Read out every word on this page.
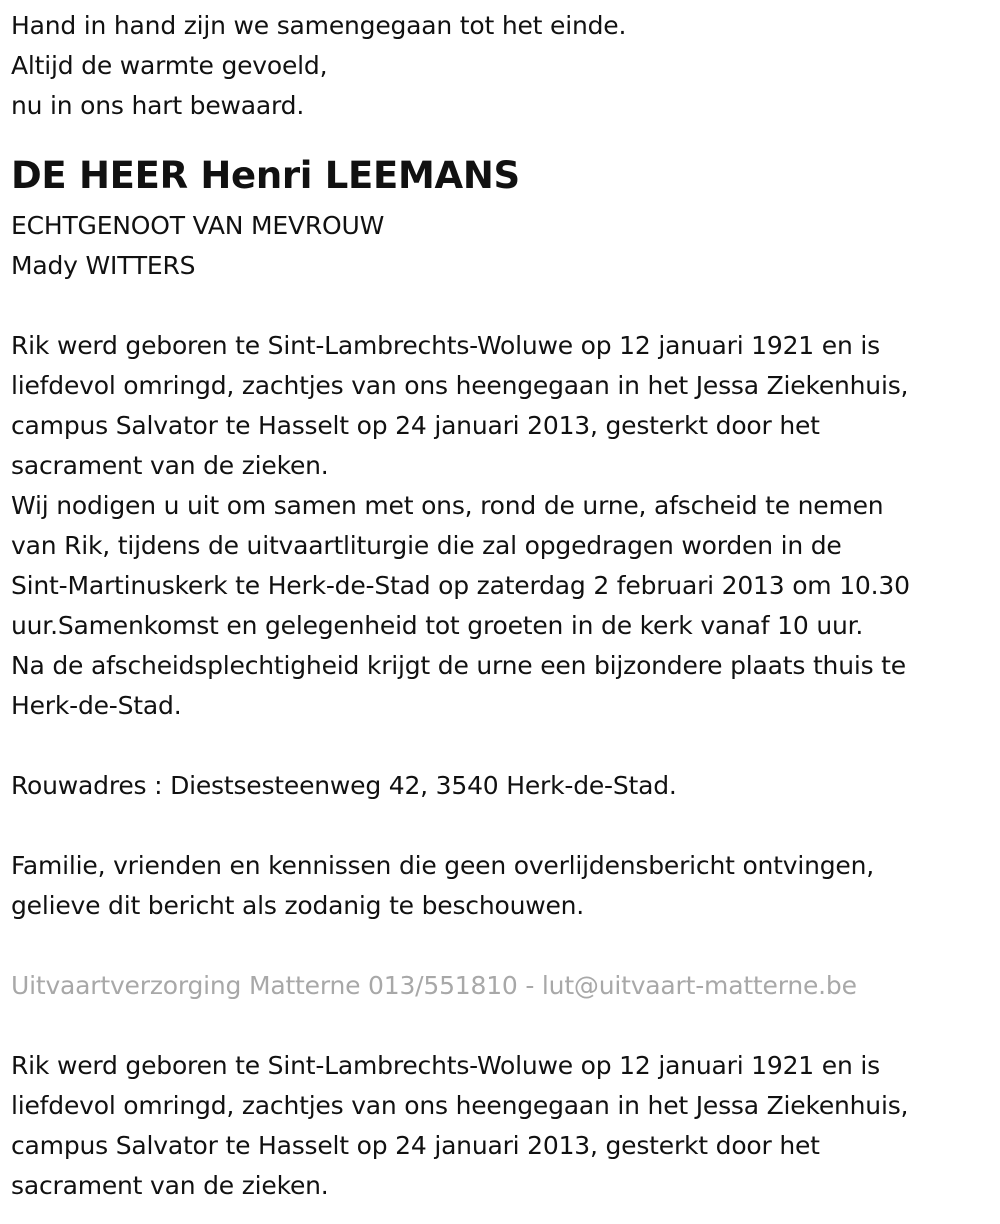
Hand in hand zijn we samengegaan tot het einde.
Altijd de warmte gevoeld,
nu in ons hart bewaard.
DE HEER Henri LEEMANS
ECHTGENOOT VAN MEVROUW
Mady WITTERS
Rik werd geboren te Sint-Lambrechts-Woluwe op 12 januari 1921 en is
liefdevol omringd, zachtjes van ons heengegaan in het Jessa Ziekenhuis,
campus Salvator te Hasselt op 24 januari 2013, gesterkt door het
sacrament van de zieken.
Wij nodigen u uit om samen met ons, rond de urne, afscheid te nemen
van Rik, tijdens de uitvaartliturgie die zal opgedragen worden in de
Sint-Martinuskerk te Herk-de-Stad op zaterdag 2 februari 2013 om 10.30
uur.Samenkomst en gelegenheid tot groeten in de kerk vanaf 10 uur.
Na de afscheidsplechtigheid krijgt de urne een bijzondere plaats thuis te
Herk-de-Stad.
Rouwadres : Diestsesteenweg 42, 3540 Herk-de-Stad.
Familie, vrienden en kennissen die geen overlijdensbericht ontvingen,
gelieve dit bericht als zodanig te beschouwen.
Uitvaartverzorging Matterne 013/551810 - lut@uitvaart-matterne.be
Rik werd geboren te Sint-Lambrechts-Woluwe op 12 januari 1921 en is
liefdevol omringd, zachtjes van ons heengegaan in het Jessa Ziekenhuis,
campus Salvator te Hasselt op 24 januari 2013, gesterkt door het
sacrament van de zieken.
